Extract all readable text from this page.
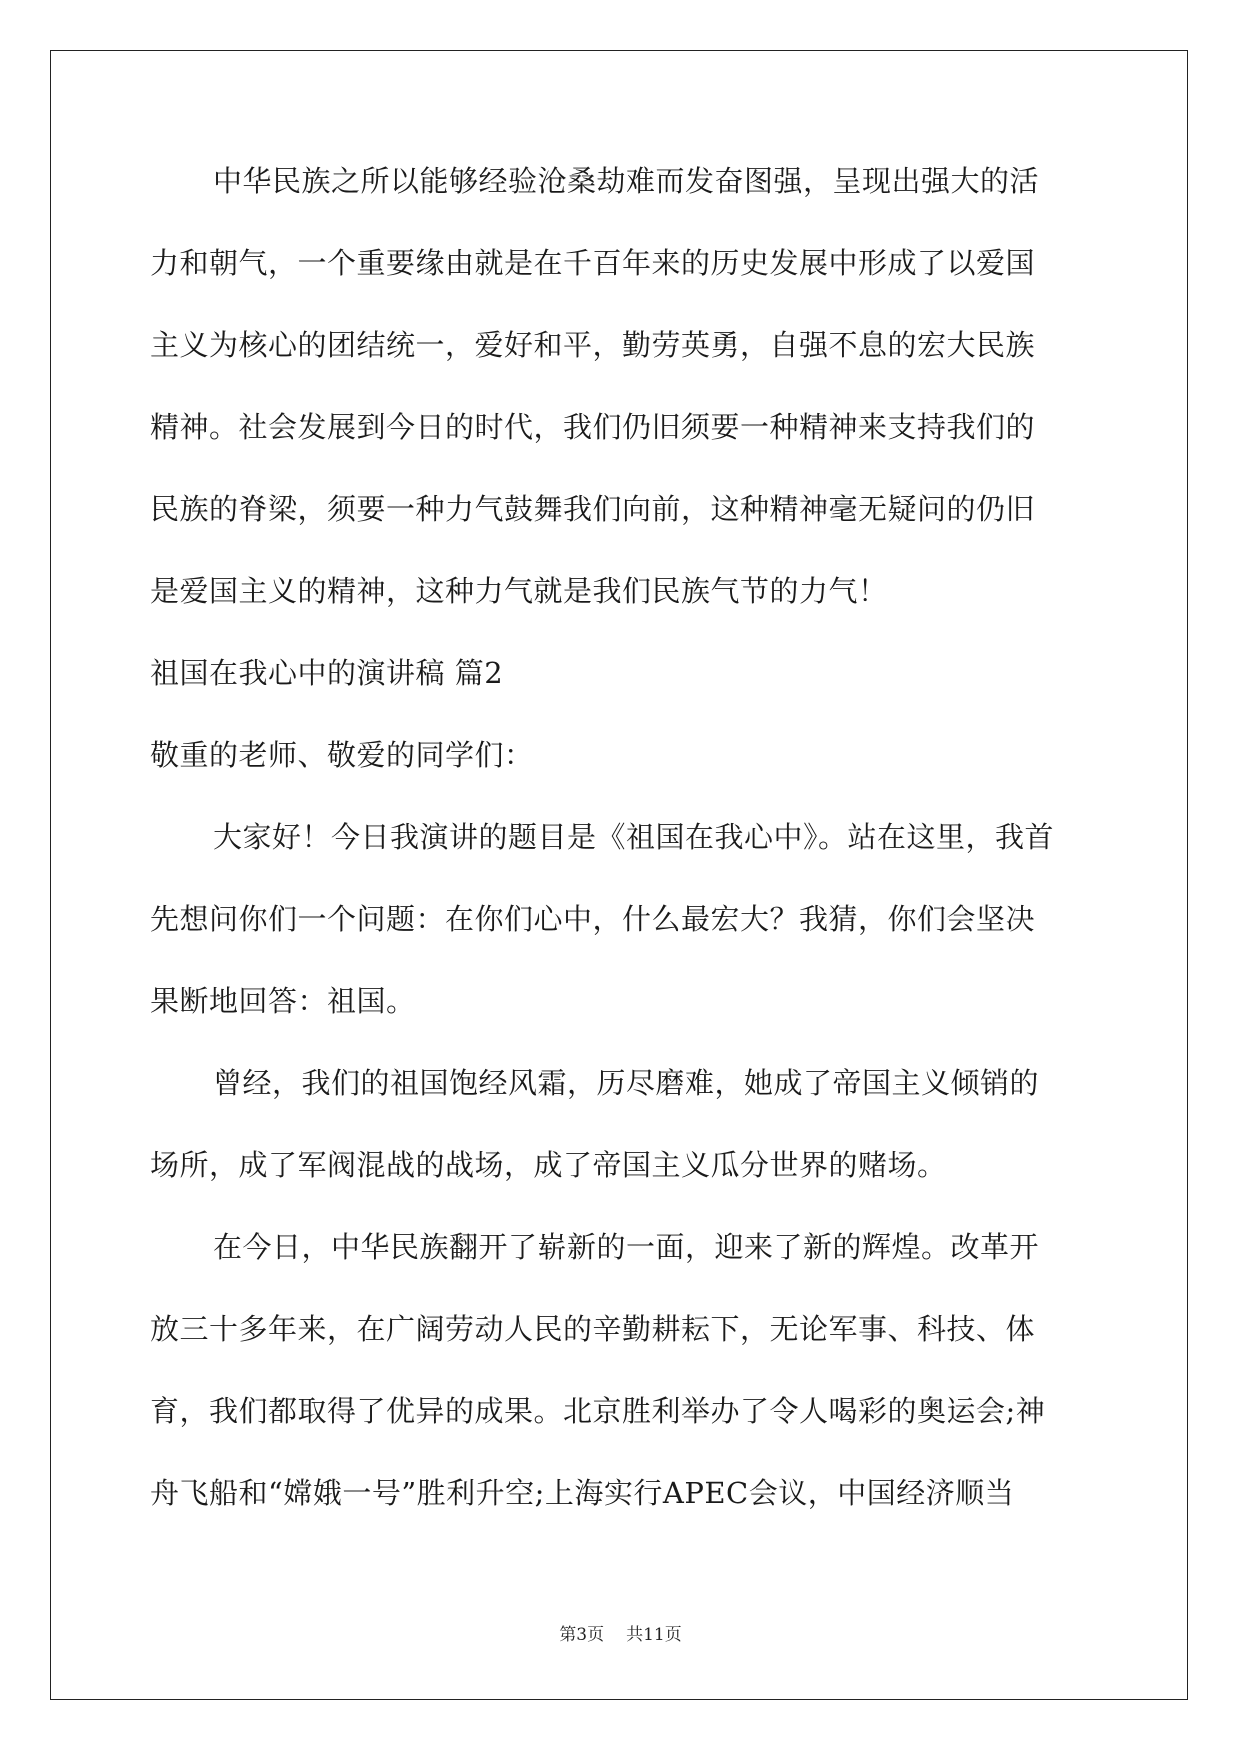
中华民族之所以能够经验沧桑劫难而发奋图强，呈现出强大的活
力和朝气，一个重要缘由就是在千百年来的历史发展中形成了以爱国
主义为核心的团结统一，爱好和平，勤劳英勇，自强不息的宏大民族
精神。社会发展到今日的时代，我们仍旧须要一种精神来支持我们的
民族的脊梁，须要一种力气鼓舞我们向前，这种精神毫无疑问的仍旧
是爱国主义的精神，这种力气就是我们民族气节的力气！
祖国在我心中的演讲稿 篇2
敬重的老师、敬爱的同学们：
大家好！今日我演讲的题目是《祖国在我心中》。站在这里，我首
先想问你们一个问题：在你们心中，什么最宏大？我猜，你们会坚决
果断地回答：祖国。
曾经，我们的祖国饱经风霜，历尽磨难，她成了帝国主义倾销的
场所，成了军阀混战的战场，成了帝国主义瓜分世界的赌场。
在今日，中华民族翻开了崭新的一面，迎来了新的辉煌。改革开
放三十多年来，在广阔劳动人民的辛勤耕耘下，无论军事、科技、体
育，我们都取得了优异的成果。北京胜利举办了令人喝彩的奥运会;神
舟飞船和“嫦娥一号”胜利升空;上海实行APEC会议，中国经济顺当
第3页 共11页
